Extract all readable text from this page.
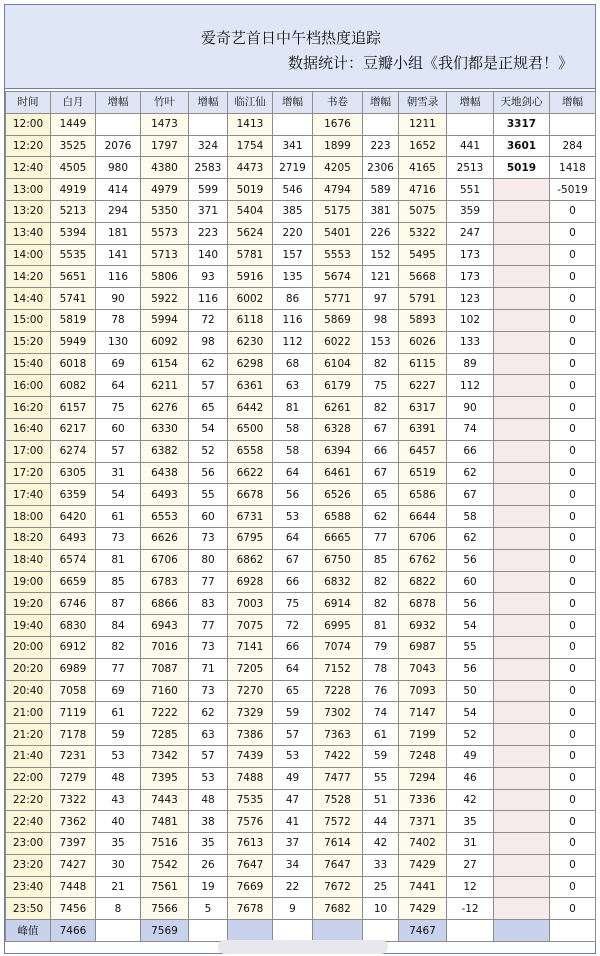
爱奇艺首日中午档热度追踪
数据统计：豆瓣小组《我们都是正规君！》
时间	白月	增幅	竹叶	增幅	临江仙	增幅	书卷	增幅	朝雪录	增幅	天地剑心	增幅
12:00	1449		1473		1413		1676		1211		3317	
12:20	3525	2076	1797	324	1754	341	1899	223	1652	441	3601	284
12:40	4505	980	4380	2583	4473	2719	4205	2306	4165	2513	5019	1418
13:00	4919	414	4979	599	5019	546	4794	589	4716	551		-5019
13:20	5213	294	5350	371	5404	385	5175	381	5075	359		0
13:40	5394	181	5573	223	5624	220	5401	226	5322	247		0
14:00	5535	141	5713	140	5781	157	5553	152	5495	173		0
14:20	5651	116	5806	93	5916	135	5674	121	5668	173		0
14:40	5741	90	5922	116	6002	86	5771	97	5791	123		0
15:00	5819	78	5994	72	6118	116	5869	98	5893	102		0
15:20	5949	130	6092	98	6230	112	6022	153	6026	133		0
15:40	6018	69	6154	62	6298	68	6104	82	6115	89		0
16:00	6082	64	6211	57	6361	63	6179	75	6227	112		0
16:20	6157	75	6276	65	6442	81	6261	82	6317	90		0
16:40	6217	60	6330	54	6500	58	6328	67	6391	74		0
17:00	6274	57	6382	52	6558	58	6394	66	6457	66		0
17:20	6305	31	6438	56	6622	64	6461	67	6519	62		0
17:40	6359	54	6493	55	6678	56	6526	65	6586	67		0
18:00	6420	61	6553	60	6731	53	6588	62	6644	58		0
18:20	6493	73	6626	73	6795	64	6665	77	6706	62		0
18:40	6574	81	6706	80	6862	67	6750	85	6762	56		0
19:00	6659	85	6783	77	6928	66	6832	82	6822	60		0
19:20	6746	87	6866	83	7003	75	6914	82	6878	56		0
19:40	6830	84	6943	77	7075	72	6995	81	6932	54		0
20:00	6912	82	7016	73	7141	66	7074	79	6987	55		0
20:20	6989	77	7087	71	7205	64	7152	78	7043	56		0
20:40	7058	69	7160	73	7270	65	7228	76	7093	50		0
21:00	7119	61	7222	62	7329	59	7302	74	7147	54		0
21:20	7178	59	7285	63	7386	57	7363	61	7199	52		0
21:40	7231	53	7342	57	7439	53	7422	59	7248	49		0
22:00	7279	48	7395	53	7488	49	7477	55	7294	46		0
22:20	7322	43	7443	48	7535	47	7528	51	7336	42		0
22:40	7362	40	7481	38	7576	41	7572	44	7371	35		0
23:00	7397	35	7516	35	7613	37	7614	42	7402	31		0
23:20	7427	30	7542	26	7647	34	7647	33	7429	27		0
23:40	7448	21	7561	19	7669	22	7672	25	7441	12		0
23:50	7456	8	7566	5	7678	9	7682	10	7429	-12		0
峰值	7466		7569						7467			
